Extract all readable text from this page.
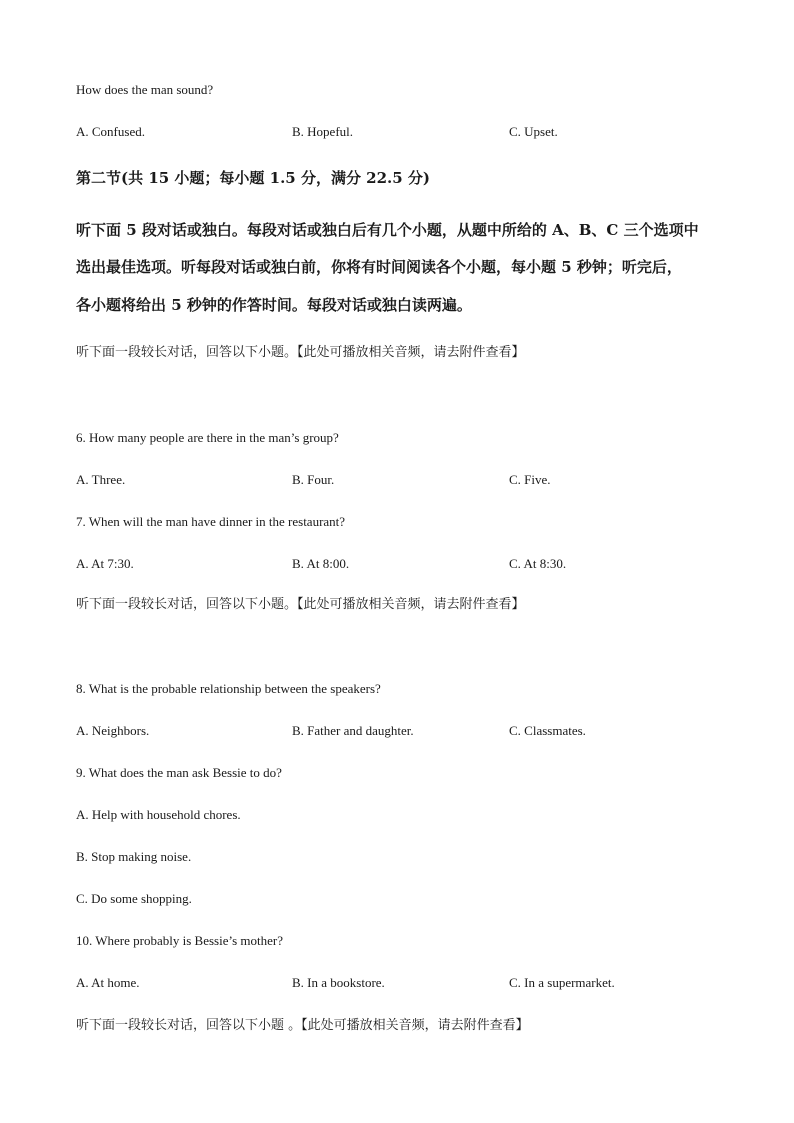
How does the man sound?
A. Confused.	B. Hopeful.	C. Upset.
第二节(共 15 小题；每小题 1.5 分，满分 22.5 分)
听下面 5 段对话或独白。每段对话或独白后有几个小题，从题中所给的 A、B、C 三个选项中
选出最佳选项。听每段对话或独白前，你将有时间阅读各个小题，每小题 5 秒钟；听完后，
各小题将给出 5 秒钟的作答时间。每段对话或独白读两遍。
听下面一段较长对话，回答以下小题。【此处可播放相关音频，请去附件查看】
6. How many people are there in the man’s group?
A. Three.	B. Four.	C. Five.
7. When will the man have dinner in the restaurant?
A. At 7:30.	B. At 8:00.	C. At 8:30.
听下面一段较长对话，回答以下小题。【此处可播放相关音频，请去附件查看】
8. What is the probable relationship between the speakers?
A. Neighbors.	B. Father and daughter.	C. Classmates.
9. What does the man ask Bessie to do?
A. Help with household chores.
B. Stop making noise.
C. Do some shopping.
10. Where probably is Bessie’s mother?
A. At home.	B. In a bookstore.	C. In a supermarket.
听下面一段较长对话，回答以下小题 。【此处可播放相关音频，请去附件查看】
